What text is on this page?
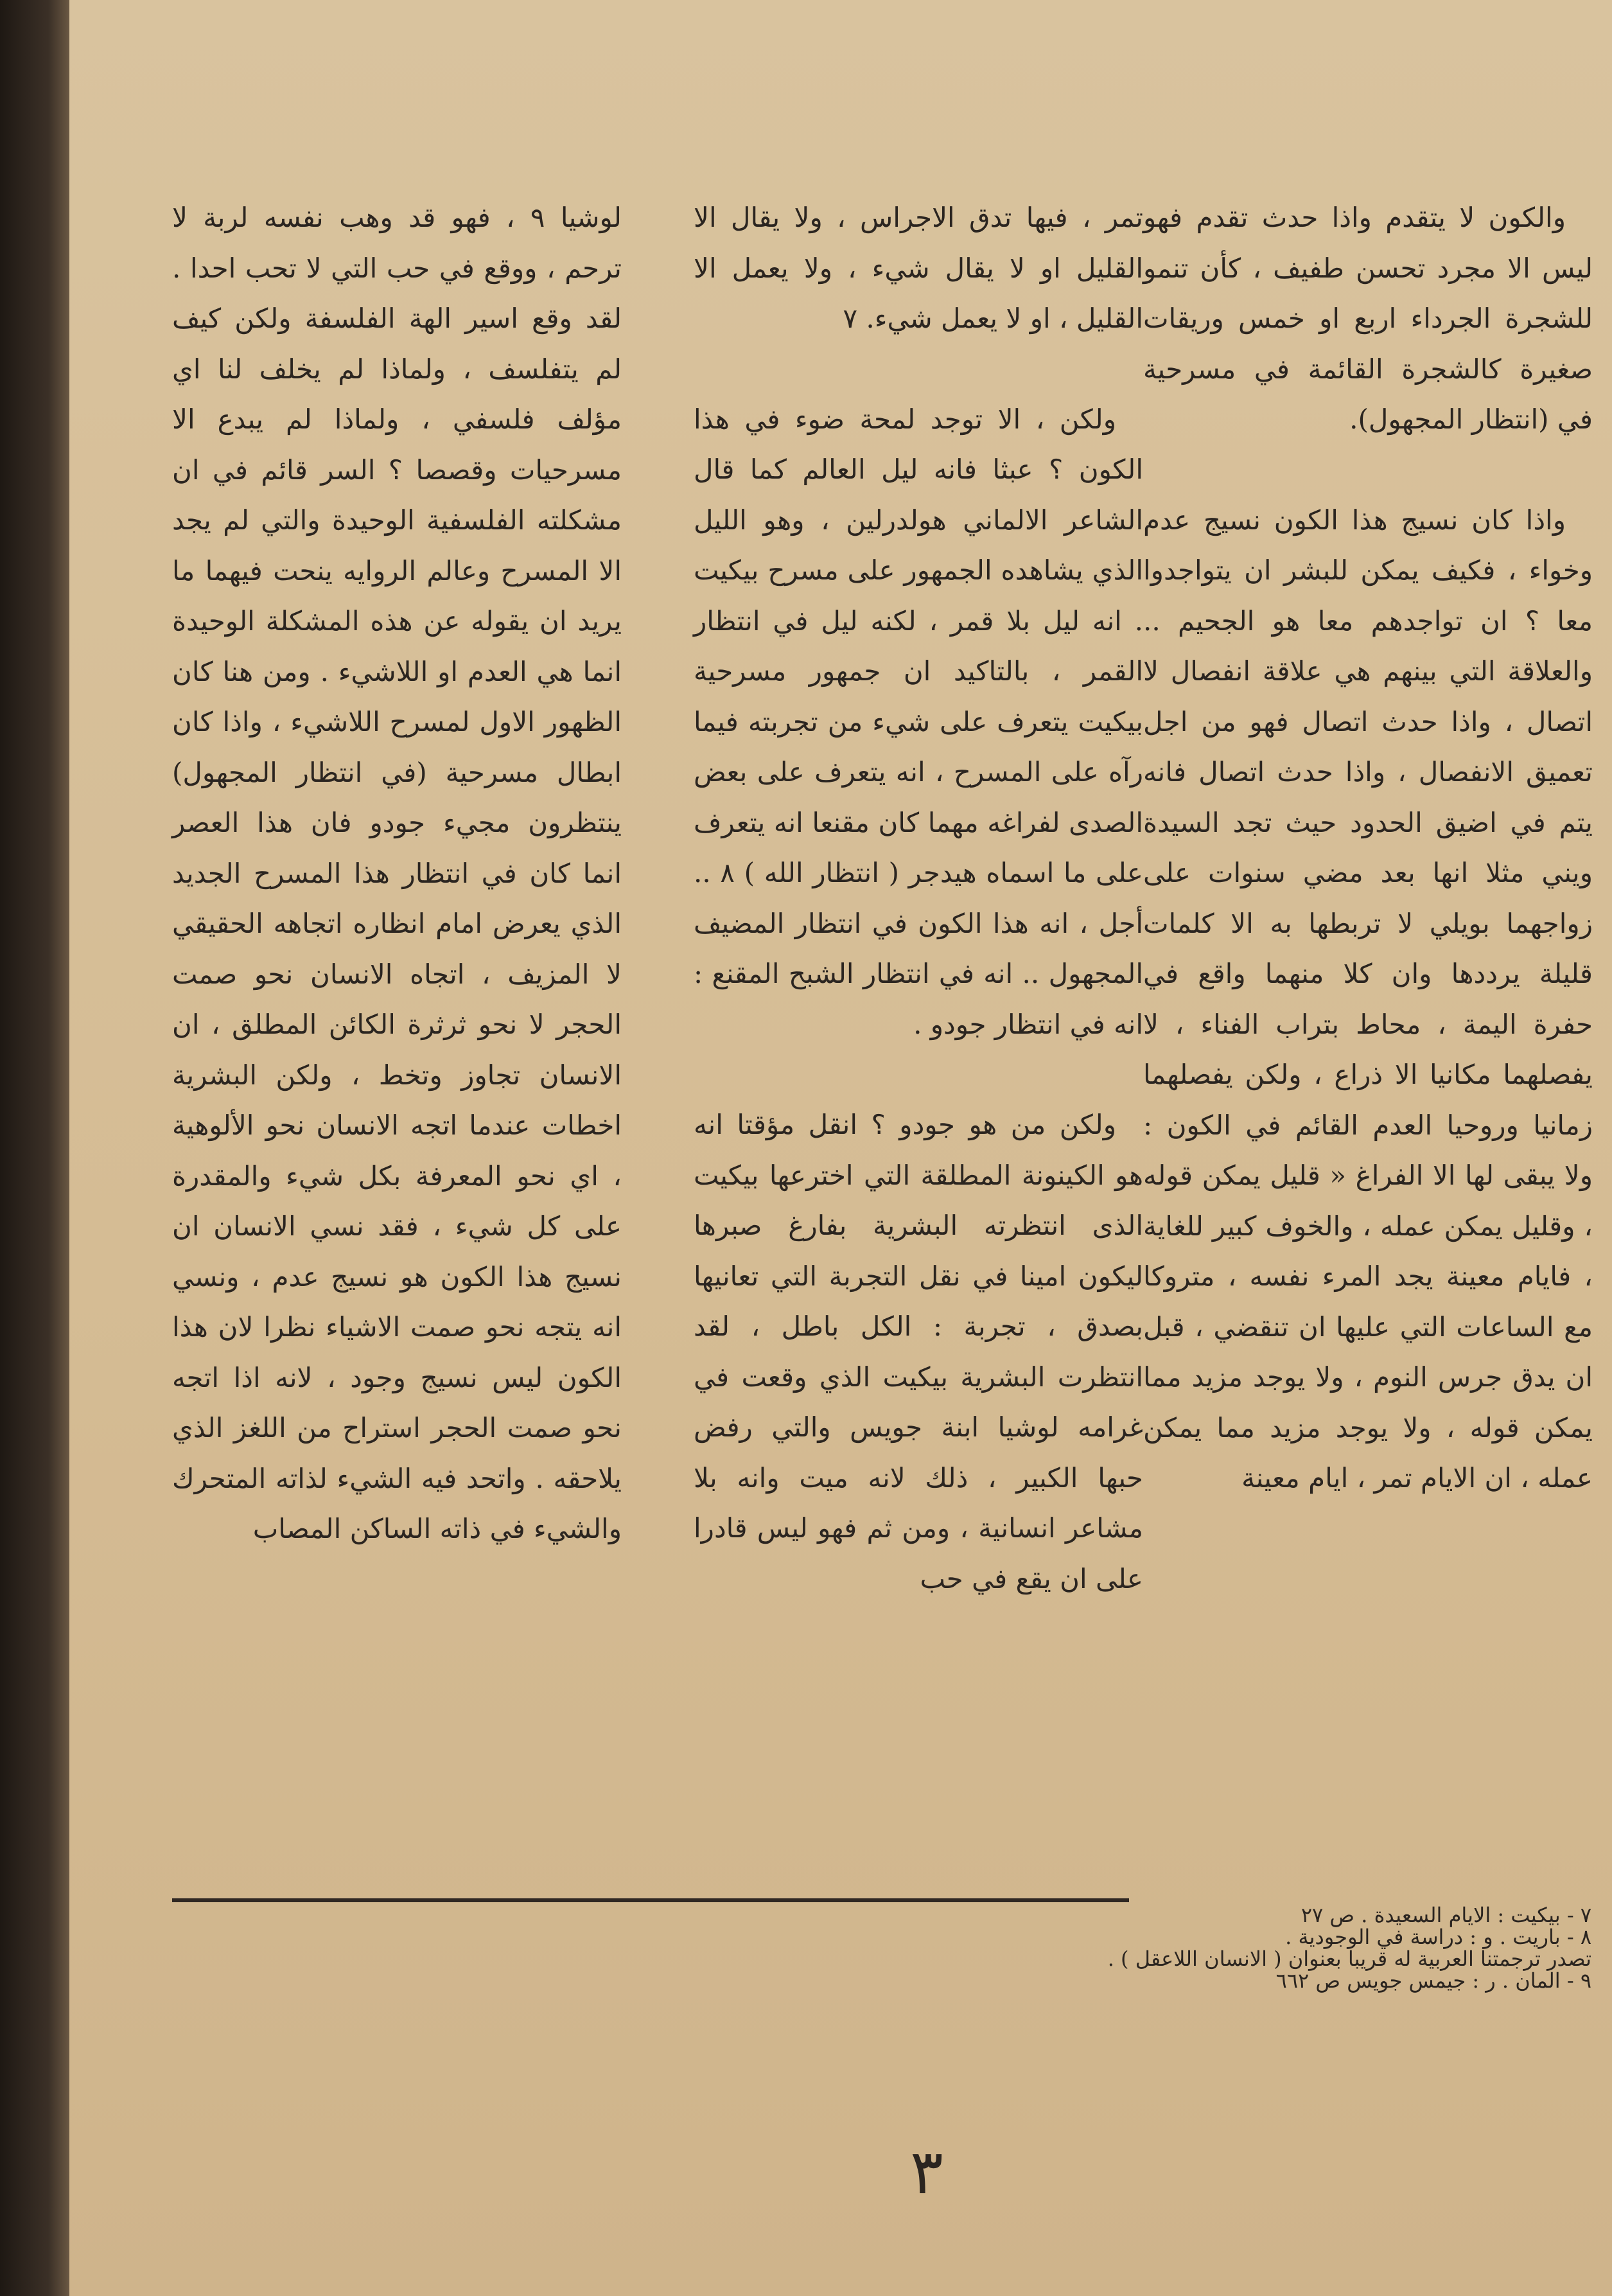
والكون لا يتقدم واذا حدث تقدم فهو ليس الا مجرد تحسن طفيف ، كأن تنمو للشجرة الجرداء اربع او خمس وريقات صغيرة كالشجرة القائمة في مسرحية في (انتظار المجهول).

واذا كان نسيج هذا الكون نسيج عدم وخواء ، فكيف يمكن للبشر ان يتواجدوا معا ؟ ان تواجدهم معا هو الجحيم .. والعلاقة التي بينهم هي علاقة انفصال لا اتصال ، واذا حدث اتصال فهو من اجل تعميق الانفصال ، واذا حدث اتصال فانه يتم في اضيق الحدود حيث تجد السيدة ويني مثلا انها بعد مضي سنوات على زواجهما بويلي لا تربطها به الا كلمات قليلة يرددها وان كلا منهما واقع في حفرة اليمة ، محاط بتراب الفناء ، لا يفصلهما مكانيا الا ذراع ، ولكن يفصلهما زمانيا وروحيا العدم القائم في الكون : ولا يبقى لها الا الفراغ « قليل يمكن قوله ، وقليل يمكن عمله ، والخوف كبير للغاية ، فايام معينة يجد المرء نفسه ، متروكا مع الساعات التي عليها ان تنقضي ، قبل ان يدق جرس النوم ، ولا يوجد مزيد مما يمكن قوله ، ولا يوجد مزيد مما يمكن عمله ، ان الايام تمر ، ايام معينة

تمر ، فيها تدق الاجراس ، ولا يقال الا القليل او لا يقال شيء ، ولا يعمل الا القليل ، او لا يعمل شيء. ٧

ولكن ، الا توجد لمحة ضوء في هذا الكون ؟ عبثا فانه ليل العالم كما قال الشاعر الالماني هولدرلين ، وهو الليل الذي يشاهده الجمهور على مسرح بيكيت . انه ليل بلا قمر ، لكنه ليل في انتظار القمر ، بالتاكيد ان جمهور مسرحية بيكيت يتعرف على شيء من تجربته فيما رآه على المسرح ، انه يتعرف على بعض الصدى لفراغه مهما كان مقنعا انه يتعرف على ما اسماه هيدجر ( انتظار الله ) ٨ .. أجل ، انه هذا الكون في انتظار المضيف المجهول .. انه في انتظار الشبح المقنع : انه في انتظار جودو .

ولكن من هو جودو ؟ انقل مؤقتا انه هو الكينونة المطلقة التي اخترعها بيكيت الذى انتظرته البشرية بفارغ صبرها ليكون امينا في نقل التجربة التي تعانيها بصدق ، تجربة : الكل باطل ، لقد انتظرت البشرية بيكيت الذي وقعت في غرامه لوشيا ابنة جويس والتي رفض حبها الكبير ، ذلك لانه ميت وانه بلا مشاعر انسانية ، ومن ثم فهو ليس قادرا على ان يقع في حب

لوشيا ٩ ، فهو قد وهب نفسه لربة لا ترحم ، ووقع في حب التي لا تحب احدا . لقد وقع اسير الهة الفلسفة ولكن كيف لم يتفلسف ، ولماذا لم يخلف لنا اي مؤلف فلسفي ، ولماذا لم يبدع الا مسرحيات وقصصا ؟ السر قائم في ان مشكلته الفلسفية الوحيدة والتي لم يجد الا المسرح وعالم الروايه ينحت فيهما ما يريد ان يقوله عن هذه المشكلة الوحيدة انما هي العدم او اللاشيء . ومن هنا كان الظهور الاول لمسرح اللاشيء ، واذا كان ابطال مسرحية (في انتظار المجهول) ينتظرون مجيء جودو فان هذا العصر انما كان في انتظار هذا المسرح الجديد الذي يعرض امام انظاره اتجاهه الحقيقي لا المزيف ، اتجاه الانسان نحو صمت الحجر لا نحو ثرثرة الكائن المطلق ، ان الانسان تجاوز وتخط ، ولكن البشرية اخطات عندما اتجه الانسان نحو الألوهية ، اي نحو المعرفة بكل شيء والمقدرة على كل شيء ، فقد نسي الانسان ان نسيج هذا الكون هو نسيج عدم ، ونسي انه يتجه نحو صمت الاشياء نظرا لان هذا الكون ليس نسيج وجود ، لانه اذا اتجه نحو صمت الحجر استراح من اللغز الذي يلاحقه . واتحد فيه الشيء لذاته المتحرك والشيء في ذاته الساكن المصاب

٧ - بيكيت : الايام السعيدة . ص ٢٧
٨ - باريت . و : دراسة في الوجودية .
تصدر ترجمتنا العربية له قريبا بعنوان ( الانسان اللاعقل ) .
٩ - المان . ر : جيمس جويس ص ٦٦٢
٣
